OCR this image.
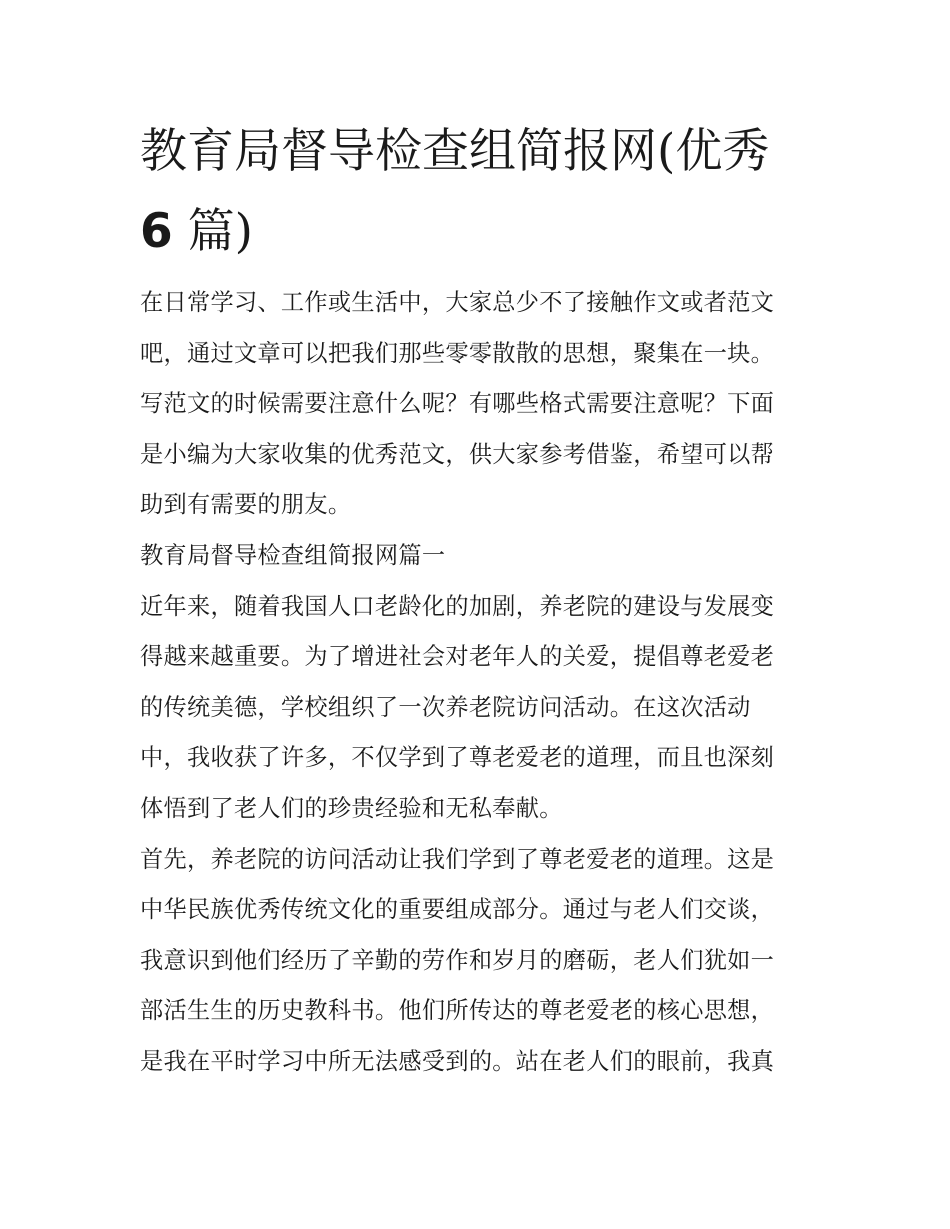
教育局督导检查组简报网(优秀
6 篇)
在日常学习、工作或生活中，大家总少不了接触作文或者范文
吧，通过文章可以把我们那些零零散散的思想，聚集在一块。
写范文的时候需要注意什么呢？有哪些格式需要注意呢？下面
是小编为大家收集的优秀范文，供大家参考借鉴，希望可以帮
助到有需要的朋友。
教育局督导检查组简报网篇一
近年来，随着我国人口老龄化的加剧，养老院的建设与发展变
得越来越重要。为了增进社会对老年人的关爱，提倡尊老爱老
的传统美德，学校组织了一次养老院访问活动。在这次活动
中，我收获了许多，不仅学到了尊老爱老的道理，而且也深刻
体悟到了老人们的珍贵经验和无私奉献。
首先，养老院的访问活动让我们学到了尊老爱老的道理。这是
中华民族优秀传统文化的重要组成部分。通过与老人们交谈，
我意识到他们经历了辛勤的劳作和岁月的磨砺，老人们犹如一
部活生生的历史教科书。他们所传达的尊老爱老的核心思想，
是我在平时学习中所无法感受到的。站在老人们的眼前，我真
